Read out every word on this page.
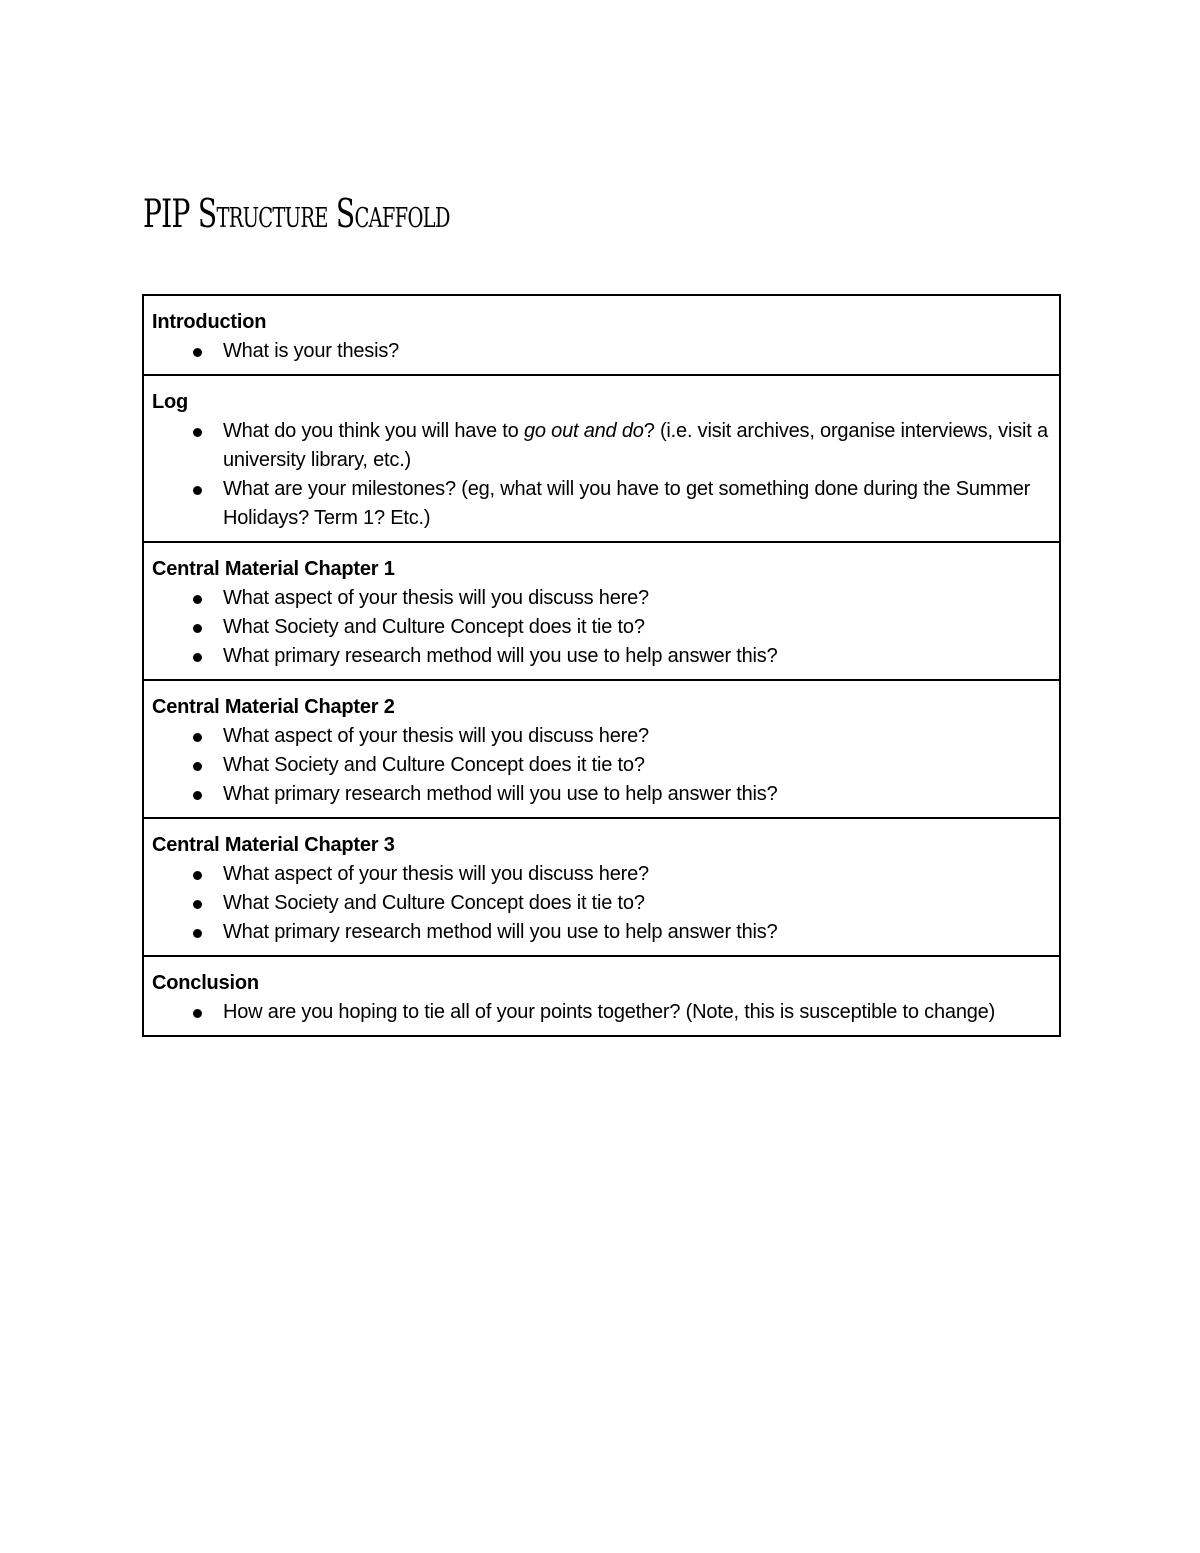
PIP Structure Scaffold
Introduction
What is your thesis?

Log
What do you think you will have to go out and do? (i.e. visit archives, organise interviews, visit a university library, etc.)
What are your milestones? (eg, what will you have to get something done during the Summer Holidays? Term 1? Etc.)

Central Material Chapter 1
What aspect of your thesis will you discuss here?
What Society and Culture Concept does it tie to?
What primary research method will you use to help answer this?

Central Material Chapter 2
What aspect of your thesis will you discuss here?
What Society and Culture Concept does it tie to?
What primary research method will you use to help answer this?

Central Material Chapter 3
What aspect of your thesis will you discuss here?
What Society and Culture Concept does it tie to?
What primary research method will you use to help answer this?

Conclusion
How are you hoping to tie all of your points together? (Note, this is susceptible to change)
